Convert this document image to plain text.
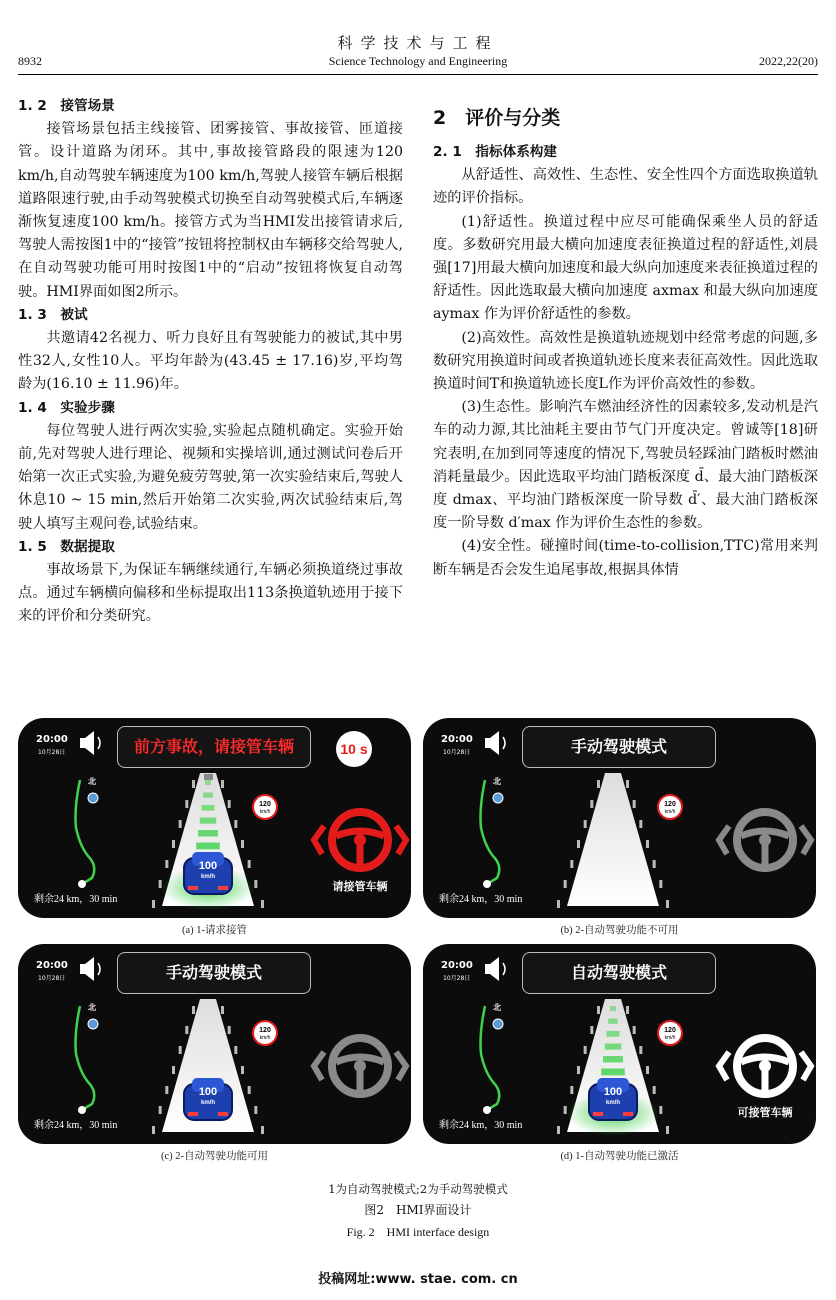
科学技术与工程
8932	Science Technology and Engineering	2022,22(20)
1. 2　接管场景

接管场景包括主线接管、团雾接管、事故接管、匝道接管。设计道路为闭环。其中,事故接管路段的限速为120 km/h,自动驾驶车辆速度为100 km/h,驾驶人接管车辆后根据道路限速行驶,由手动驾驶模式切换至自动驾驶模式后,车辆逐渐恢复速度100 km/h。接管方式为当HMI发出接管请求后,驾驶人需按图1中的“接管”按钮将控制权由车辆移交给驾驶人,在自动驾驶功能可用时按图1中的“启动”按钮将恢复自动驾驶。HMI界面如图2所示。

1. 3　被试

共邀请42名视力、听力良好且有驾驶能力的被试,其中男性32人,女性10人。平均年龄为(43.45 ± 17.16)岁,平均驾龄为(16.10 ± 11.96)年。

1. 4　实验步骤

每位驾驶人进行两次实验,实验起点随机确定。实验开始前,先对驾驶人进行理论、视频和实操培训,通过测试问卷后开始第一次正式实验,为避免疲劳驾驶,第一次实验结束后,驾驶人休息10 ~ 15 min,然后开始第二次实验,两次试验结束后,驾驶人填写主观问卷,试验结束。

1. 5　数据提取

事故场景下,为保证车辆继续通行,车辆必须换道绕过事故点。通过车辆横向偏移和坐标提取出113条换道轨迹用于接下来的评价和分类研究。

2　评价与分类
2. 1　指标体系构建

从舒适性、高效性、生态性、安全性四个方面选取换道轨迹的评价指标。

(1)舒适性。换道过程中应尽可能确保乘坐人员的舒适度。多数研究用最大横向加速度表征换道过程的舒适性,刘晨强[17]用最大横向加速度和最大纵向加速度来表征换道过程的舒适性。因此选取最大横向加速度 axmax 和最大纵向加速度 aymax 作为评价舒适性的参数。

(2)高效性。高效性是换道轨迹规划中经常考虑的问题,多数研究用换道时间或者换道轨迹长度来表征高效性。因此选取换道时间T和换道轨迹长度L作为评价高效性的参数。

(3)生态性。影响汽车燃油经济性的因素较多,发动机是汽车的动力源,其比油耗主要由节气门开度决定。曾诚等[18]研究表明,在加到同等速度的情况下,驾驶员轻踩油门踏板时燃油消耗量最少。因此选取平均油门踏板深度 d̄、最大油门踏板深度 dmax、平均油门踏板深度一阶导数 d̄′、最大油门踏板深度一阶导数 d′max 作为评价生态性的参数。

(4)安全性。碰撞时间(time-to-collision,TTC)常用来判断车辆是否会发生追尾事故,根据具体情

20:00
10月28日
北
剩余24 km，30 min
前方事故，请接管车辆	10 s
请接管车辆
120
km/h
100
km/h
(a) 1-请求接管
20:00
10月28日
北
剩余24 km，30 min
手动驾驶模式
120
km/h
(b) 2-自动驾驶功能不可用
20:00
10月28日
北
剩余24 km，30 min
手动驾驶模式
120
km/h
100
km/h
(c) 2-自动驾驶功能可用
20:00
10月28日
北
剩余24 km，30 min
自动驾驶模式
可接管车辆
120
km/h
100
km/h
(d) 1-自动驾驶功能已激活
1为自动驾驶模式;2为手动驾驶模式
图2　HMI界面设计
Fig. 2　HMI interface design
投稿网址:www. stae. com. cn
